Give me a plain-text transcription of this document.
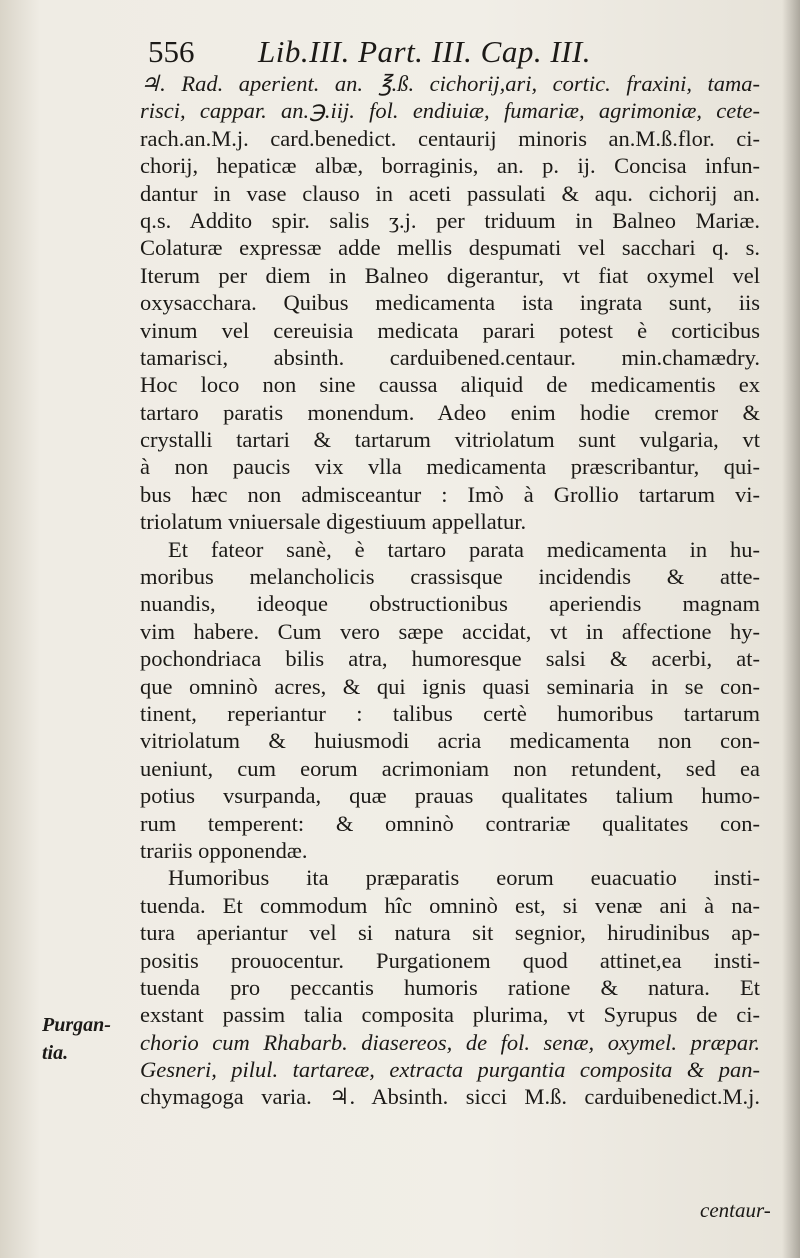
556 Lib.III. Part. III. Cap. III.
♃. Rad. aperient. an. ℥.ß. cichorij,ari, cortic. fraxini, tama-
risci, cappar. an.℈.iij. fol. endiuiæ, fumariæ, agrimoniæ, cete-
rach.an.M.j. card.benedict. centaurij minoris an.M.ß.flor. ci-
chorij, hepaticæ albæ, borraginis, an. p. ij. Concisa infun-
dantur in vase clauso in aceti passulati & aqu. cichorij an.
q.s. Addito spir. salis ʒ.j. per triduum in Balneo Mariæ.
Colaturæ expressæ adde mellis despumati vel sacchari q. s.
Iterum per diem in Balneo digerantur, vt fiat oxymel vel
oxysacchara. Quibus medicamenta ista ingrata sunt, iis
vinum vel cereuisia medicata parari potest è corticibus
tamarisci, absinth. carduibened.centaur. min.chamædry.
Hoc loco non sine caussa aliquid de medicamentis ex
tartaro paratis monendum. Adeo enim hodie cremor &
crystalli tartari & tartarum vitriolatum sunt vulgaria, vt
à non paucis vix vlla medicamenta præscribantur, qui-
bus hæc non admisceantur : Imò à Grollio tartarum vi-
triolatum vniuersale digestiuum appellatur.
Et fateor sanè, è tartaro parata medicamenta in hu-
moribus melancholicis crassisque incidendis & atte-
nuandis, ideoque obstructionibus aperiendis magnam
vim habere. Cum vero sæpe accidat, vt in affectione hy-
pochondriaca bilis atra, humoresque salsi & acerbi, at-
que omninò acres, & qui ignis quasi seminaria in se con-
tinent, reperiantur : talibus certè humoribus tartarum
vitriolatum & huiusmodi acria medicamenta non con-
ueniunt, cum eorum acrimoniam non retundent, sed ea
potius vsurpanda, quæ prauas qualitates talium humo-
rum temperent: & omninò contrariæ qualitates con-
trariis opponendæ.
Humoribus ita præparatis eorum euacuatio insti-
tuenda. Et commodum hîc omninò est, si venæ ani à na-
tura aperiantur vel si natura sit segnior, hirudinibus ap-
positis prouocentur. Purgationem quod attinet,ea insti-
tuenda pro peccantis humoris ratione & natura. Et
exstant passim talia composita plurima, vt Syrupus de ci-
chorio cum Rhabarb. diasereos, de fol. senæ, oxymel. præpar.
Gesneri, pilul. tartareæ, extracta purgantia composita & pan-
chymagoga varia. ♃. Absinth. sicci M.ß. carduibenedict.M.j.
Purgan-
tia.
centaur-
